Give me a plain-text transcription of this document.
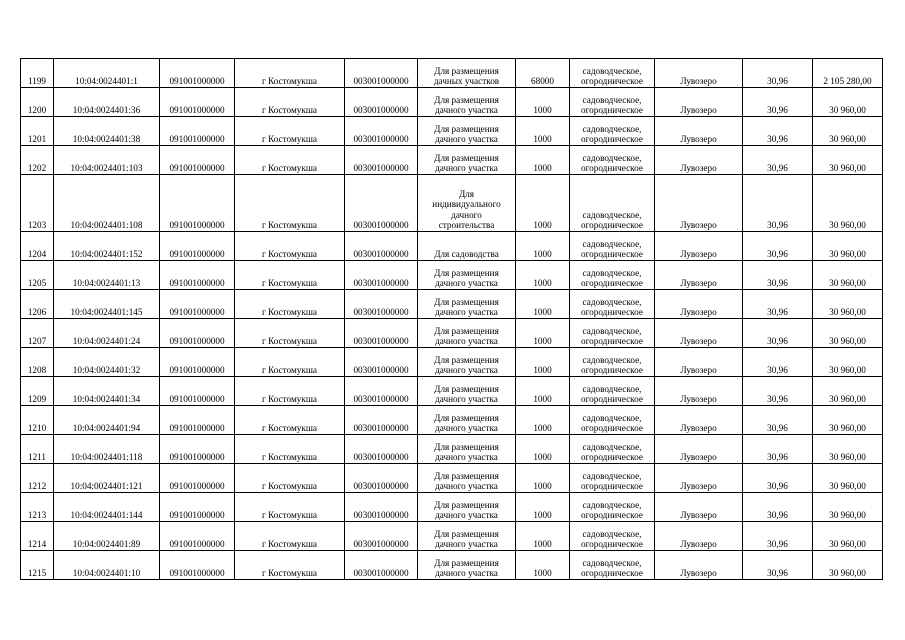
1199	10:04:0024401:1	091001000000	г Костомукша	003001000000	Для размещения
дачных участков	68000	садоводческое,
огородническое	Лувозеро	30,96	2 105 280,00
1200	10:04:0024401:36	091001000000	г Костомукша	003001000000	Для размещения
дачного участка	1000	садоводческое,
огородническое	Лувозеро	30,96	30 960,00
1201	10:04:0024401:38	091001000000	г Костомукша	003001000000	Для размещения
дачного участка	1000	садоводческое,
огородническое	Лувозеро	30,96	30 960,00
1202	10:04:0024401:103	091001000000	г Костомукша	003001000000	Для размещения
дачного участка	1000	садоводческое,
огородническое	Лувозеро	30,96	30 960,00
1203	10:04:0024401:108	091001000000	г Костомукша	003001000000	Для
индивидуального
дачного
строительства	1000	садоводческое,
огородническое	Лувозеро	30,96	30 960,00
1204	10:04:0024401:152	091001000000	г Костомукша	003001000000	Для садоводства	1000	садоводческое,
огородническое	Лувозеро	30,96	30 960,00
1205	10:04:0024401:13	091001000000	г Костомукша	003001000000	Для размещения
дачного участка	1000	садоводческое,
огородническое	Лувозеро	30,96	30 960,00
1206	10:04:0024401:145	091001000000	г Костомукша	003001000000	Для размещения
дачного участка	1000	садоводческое,
огородническое	Лувозеро	30,96	30 960,00
1207	10:04:0024401:24	091001000000	г Костомукша	003001000000	Для размещения
дачного участка	1000	садоводческое,
огородническое	Лувозеро	30,96	30 960,00
1208	10:04:0024401:32	091001000000	г Костомукша	003001000000	Для размещения
дачного участка	1000	садоводческое,
огородническое	Лувозеро	30,96	30 960,00
1209	10:04:0024401:34	091001000000	г Костомукша	003001000000	Для размещения
дачного участка	1000	садоводческое,
огородническое	Лувозеро	30,96	30 960,00
1210	10:04:0024401:94	091001000000	г Костомукша	003001000000	Для размещения
дачного участка	1000	садоводческое,
огородническое	Лувозеро	30,96	30 960,00
1211	10:04:0024401:118	091001000000	г Костомукша	003001000000	Для размещения
дачного участка	1000	садоводческое,
огородническое	Лувозеро	30,96	30 960,00
1212	10:04:0024401:121	091001000000	г Костомукша	003001000000	Для размещения
дачного участка	1000	садоводческое,
огородническое	Лувозеро	30,96	30 960,00
1213	10:04:0024401:144	091001000000	г Костомукша	003001000000	Для размещения
дачного участка	1000	садоводческое,
огородническое	Лувозеро	30,96	30 960,00
1214	10:04:0024401:89	091001000000	г Костомукша	003001000000	Для размещения
дачного участка	1000	садоводческое,
огородническое	Лувозеро	30,96	30 960,00
1215	10:04:0024401:10	091001000000	г Костомукша	003001000000	Для размещения
дачного участка	1000	садоводческое,
огородническое	Лувозеро	30,96	30 960,00
